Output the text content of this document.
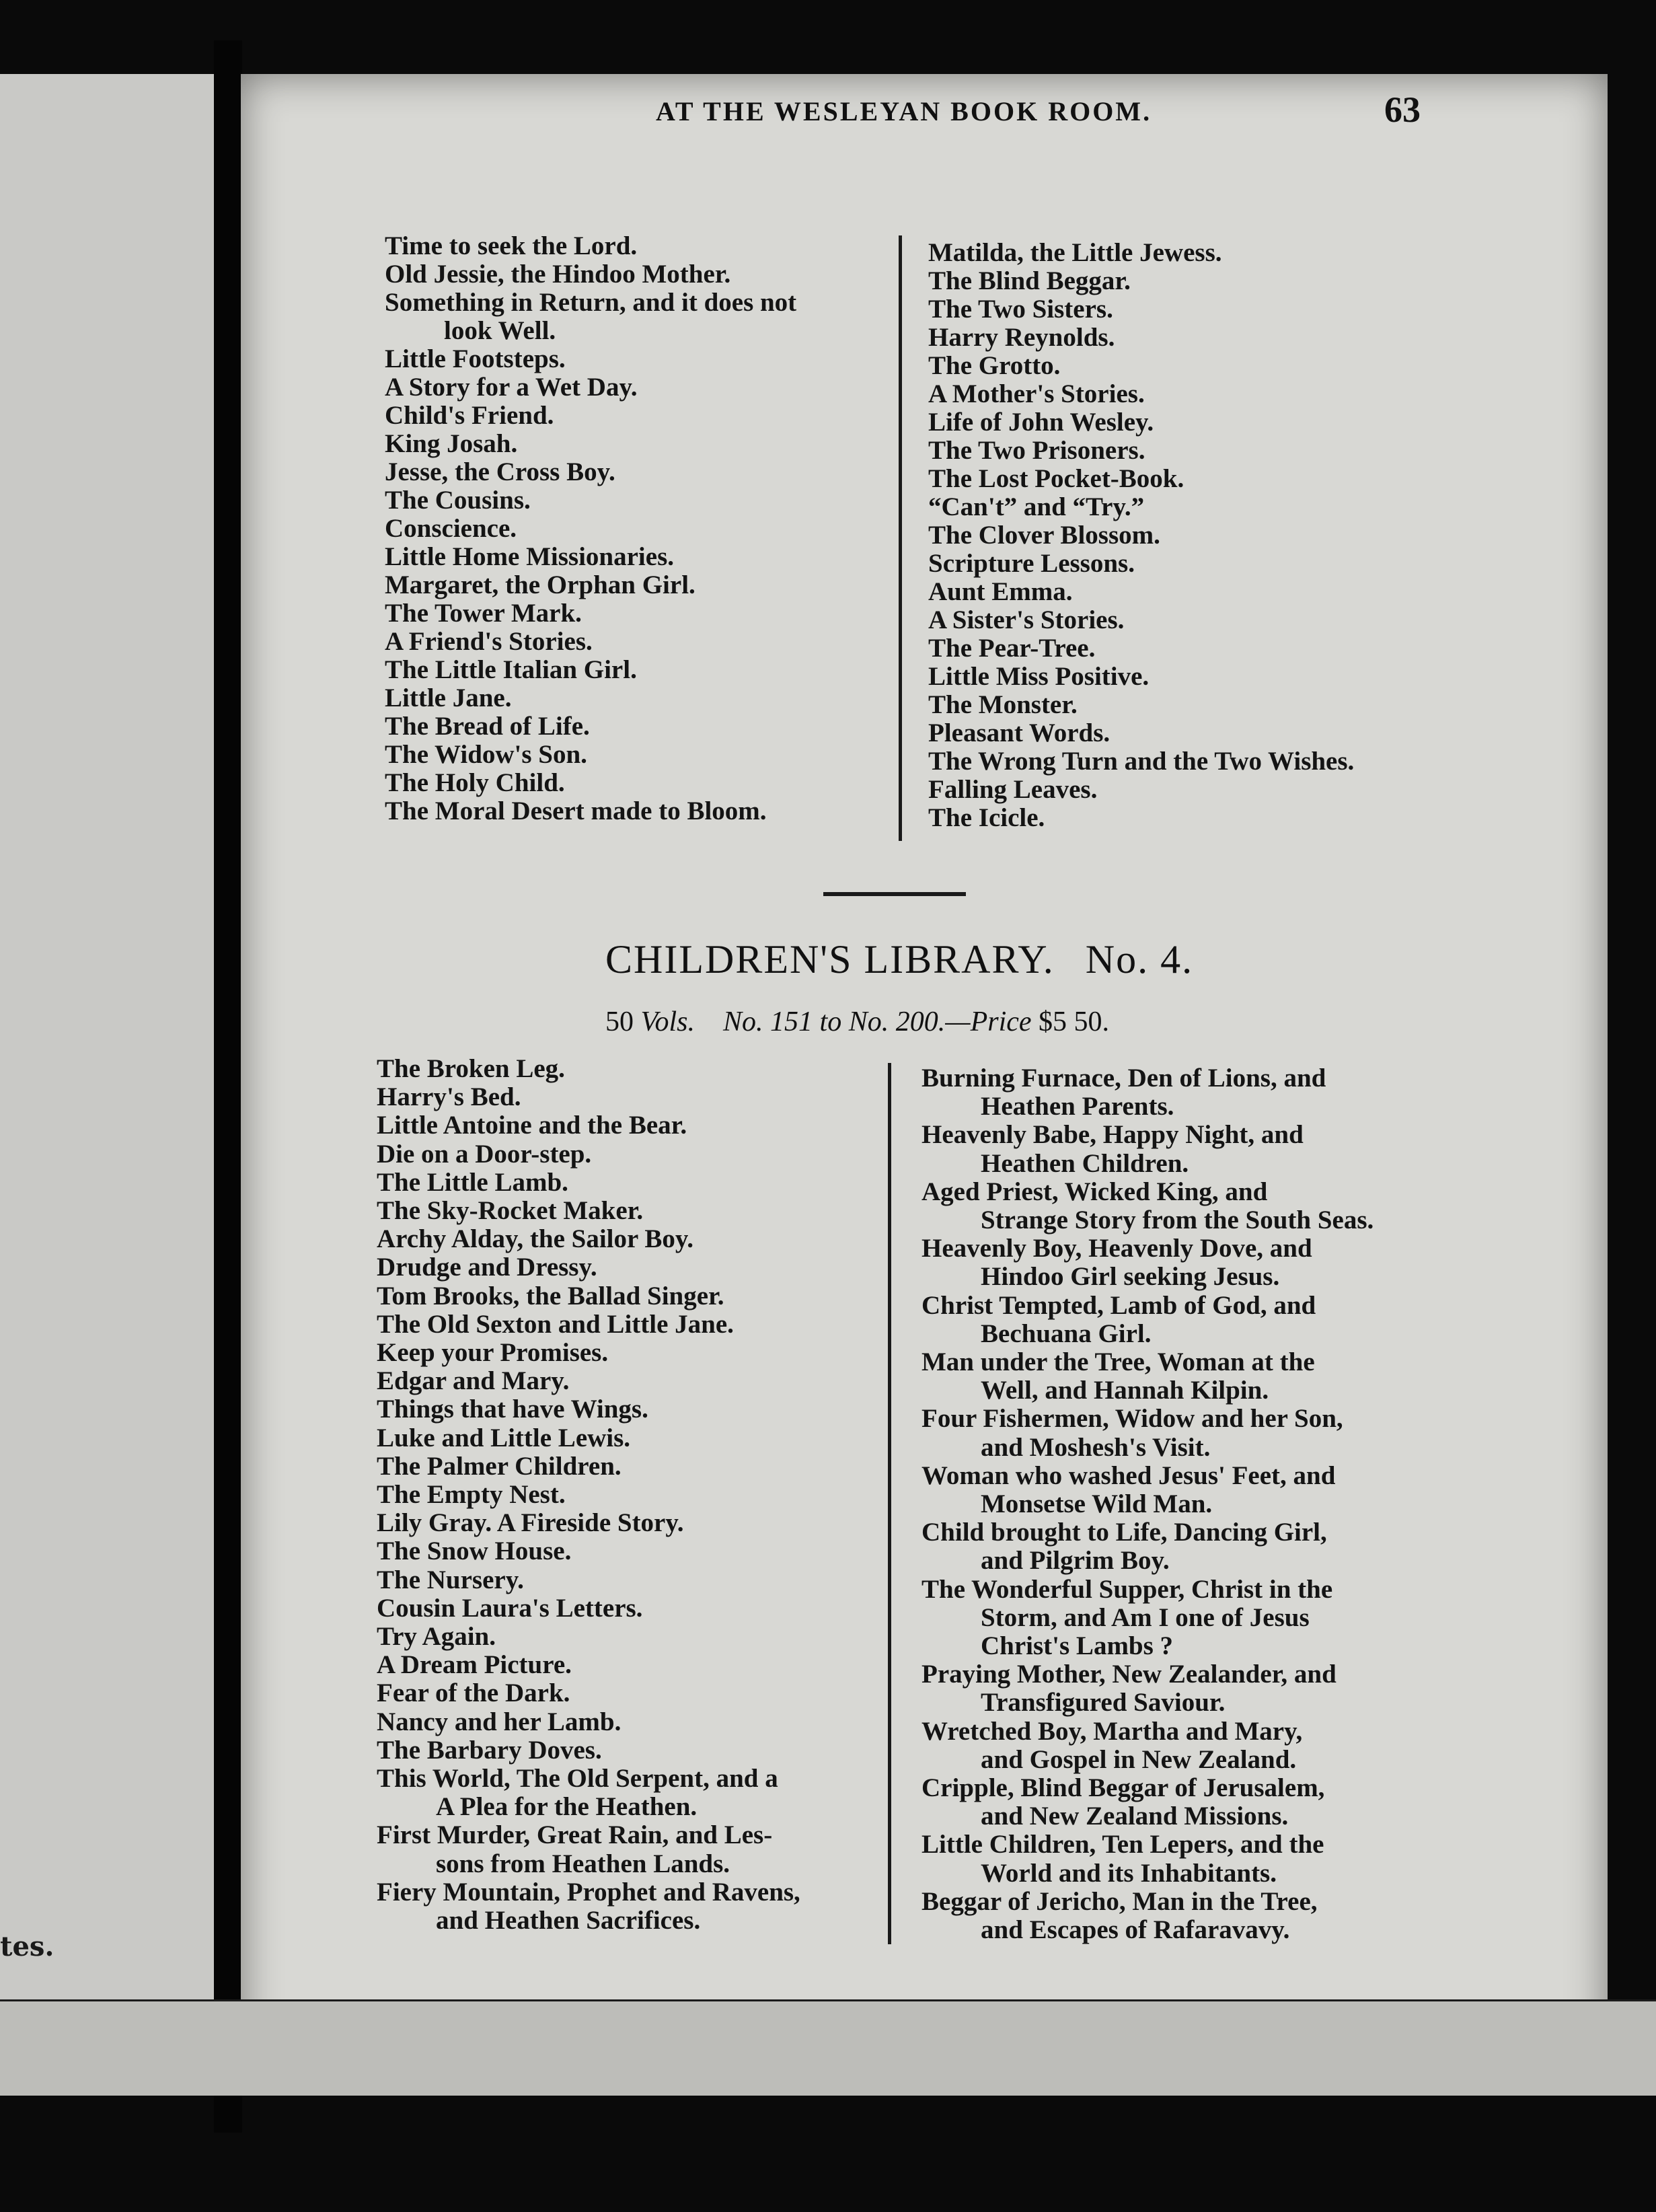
tes.
AT THE WESLEYAN BOOK ROOM.	63
Time to seek the Lord.
Old Jessie, the Hindoo Mother.
Something in Return, and it does not
look Well.
Little Footsteps.
A Story for a Wet Day.
Child's Friend.
King Josah.
Jesse, the Cross Boy.
The Cousins.
Conscience.
Little Home Missionaries.
Margaret, the Orphan Girl.
The Tower Mark.
A Friend's Stories.
The Little Italian Girl.
Little Jane.
The Bread of Life.
The Widow's Son.
The Holy Child.
The Moral Desert made to Bloom.
Matilda, the Little Jewess.
The Blind Beggar.
The Two Sisters.
Harry Reynolds.
The Grotto.
A Mother's Stories.
Life of John Wesley.
The Two Prisoners.
The Lost Pocket-Book.
“Can't” and “Try.”
The Clover Blossom.
Scripture Lessons.
Aunt Emma.
A Sister's Stories.
The Pear-Tree.
Little Miss Positive.
The Monster.
Pleasant Words.
The Wrong Turn and the Two Wishes.
Falling Leaves.
The Icicle.
CHILDREN'S LIBRARY. No. 4.
50 Vols. No. 151 to No. 200.—Price $5 50.
The Broken Leg.
Harry's Bed.
Little Antoine and the Bear.
Die on a Door-step.
The Little Lamb.
The Sky-Rocket Maker.
Archy Alday, the Sailor Boy.
Drudge and Dressy.
Tom Brooks, the Ballad Singer.
The Old Sexton and Little Jane.
Keep your Promises.
Edgar and Mary.
Things that have Wings.
Luke and Little Lewis.
The Palmer Children.
The Empty Nest.
Lily Gray. A Fireside Story.
The Snow House.
The Nursery.
Cousin Laura's Letters.
Try Again.
A Dream Picture.
Fear of the Dark.
Nancy and her Lamb.
The Barbary Doves.
This World, The Old Serpent, and a
A Plea for the Heathen.
First Murder, Great Rain, and Les-
sons from Heathen Lands.
Fiery Mountain, Prophet and Ravens,
and Heathen Sacrifices.
Burning Furnace, Den of Lions, and
Heathen Parents.
Heavenly Babe, Happy Night, and
Heathen Children.
Aged Priest, Wicked King, and
Strange Story from the South Seas.
Heavenly Boy, Heavenly Dove, and
Hindoo Girl seeking Jesus.
Christ Tempted, Lamb of God, and
Bechuana Girl.
Man under the Tree, Woman at the
Well, and Hannah Kilpin.
Four Fishermen, Widow and her Son,
and Moshesh's Visit.
Woman who washed Jesus' Feet, and
Monsetse Wild Man.
Child brought to Life, Dancing Girl,
and Pilgrim Boy.
The Wonderful Supper, Christ in the
Storm, and Am I one of Jesus
Christ's Lambs ?
Praying Mother, New Zealander, and
Transfigured Saviour.
Wretched Boy, Martha and Mary,
and Gospel in New Zealand.
Cripple, Blind Beggar of Jerusalem,
and New Zealand Missions.
Little Children, Ten Lepers, and the
World and its Inhabitants.
Beggar of Jericho, Man in the Tree,
and Escapes of Rafaravavy.
